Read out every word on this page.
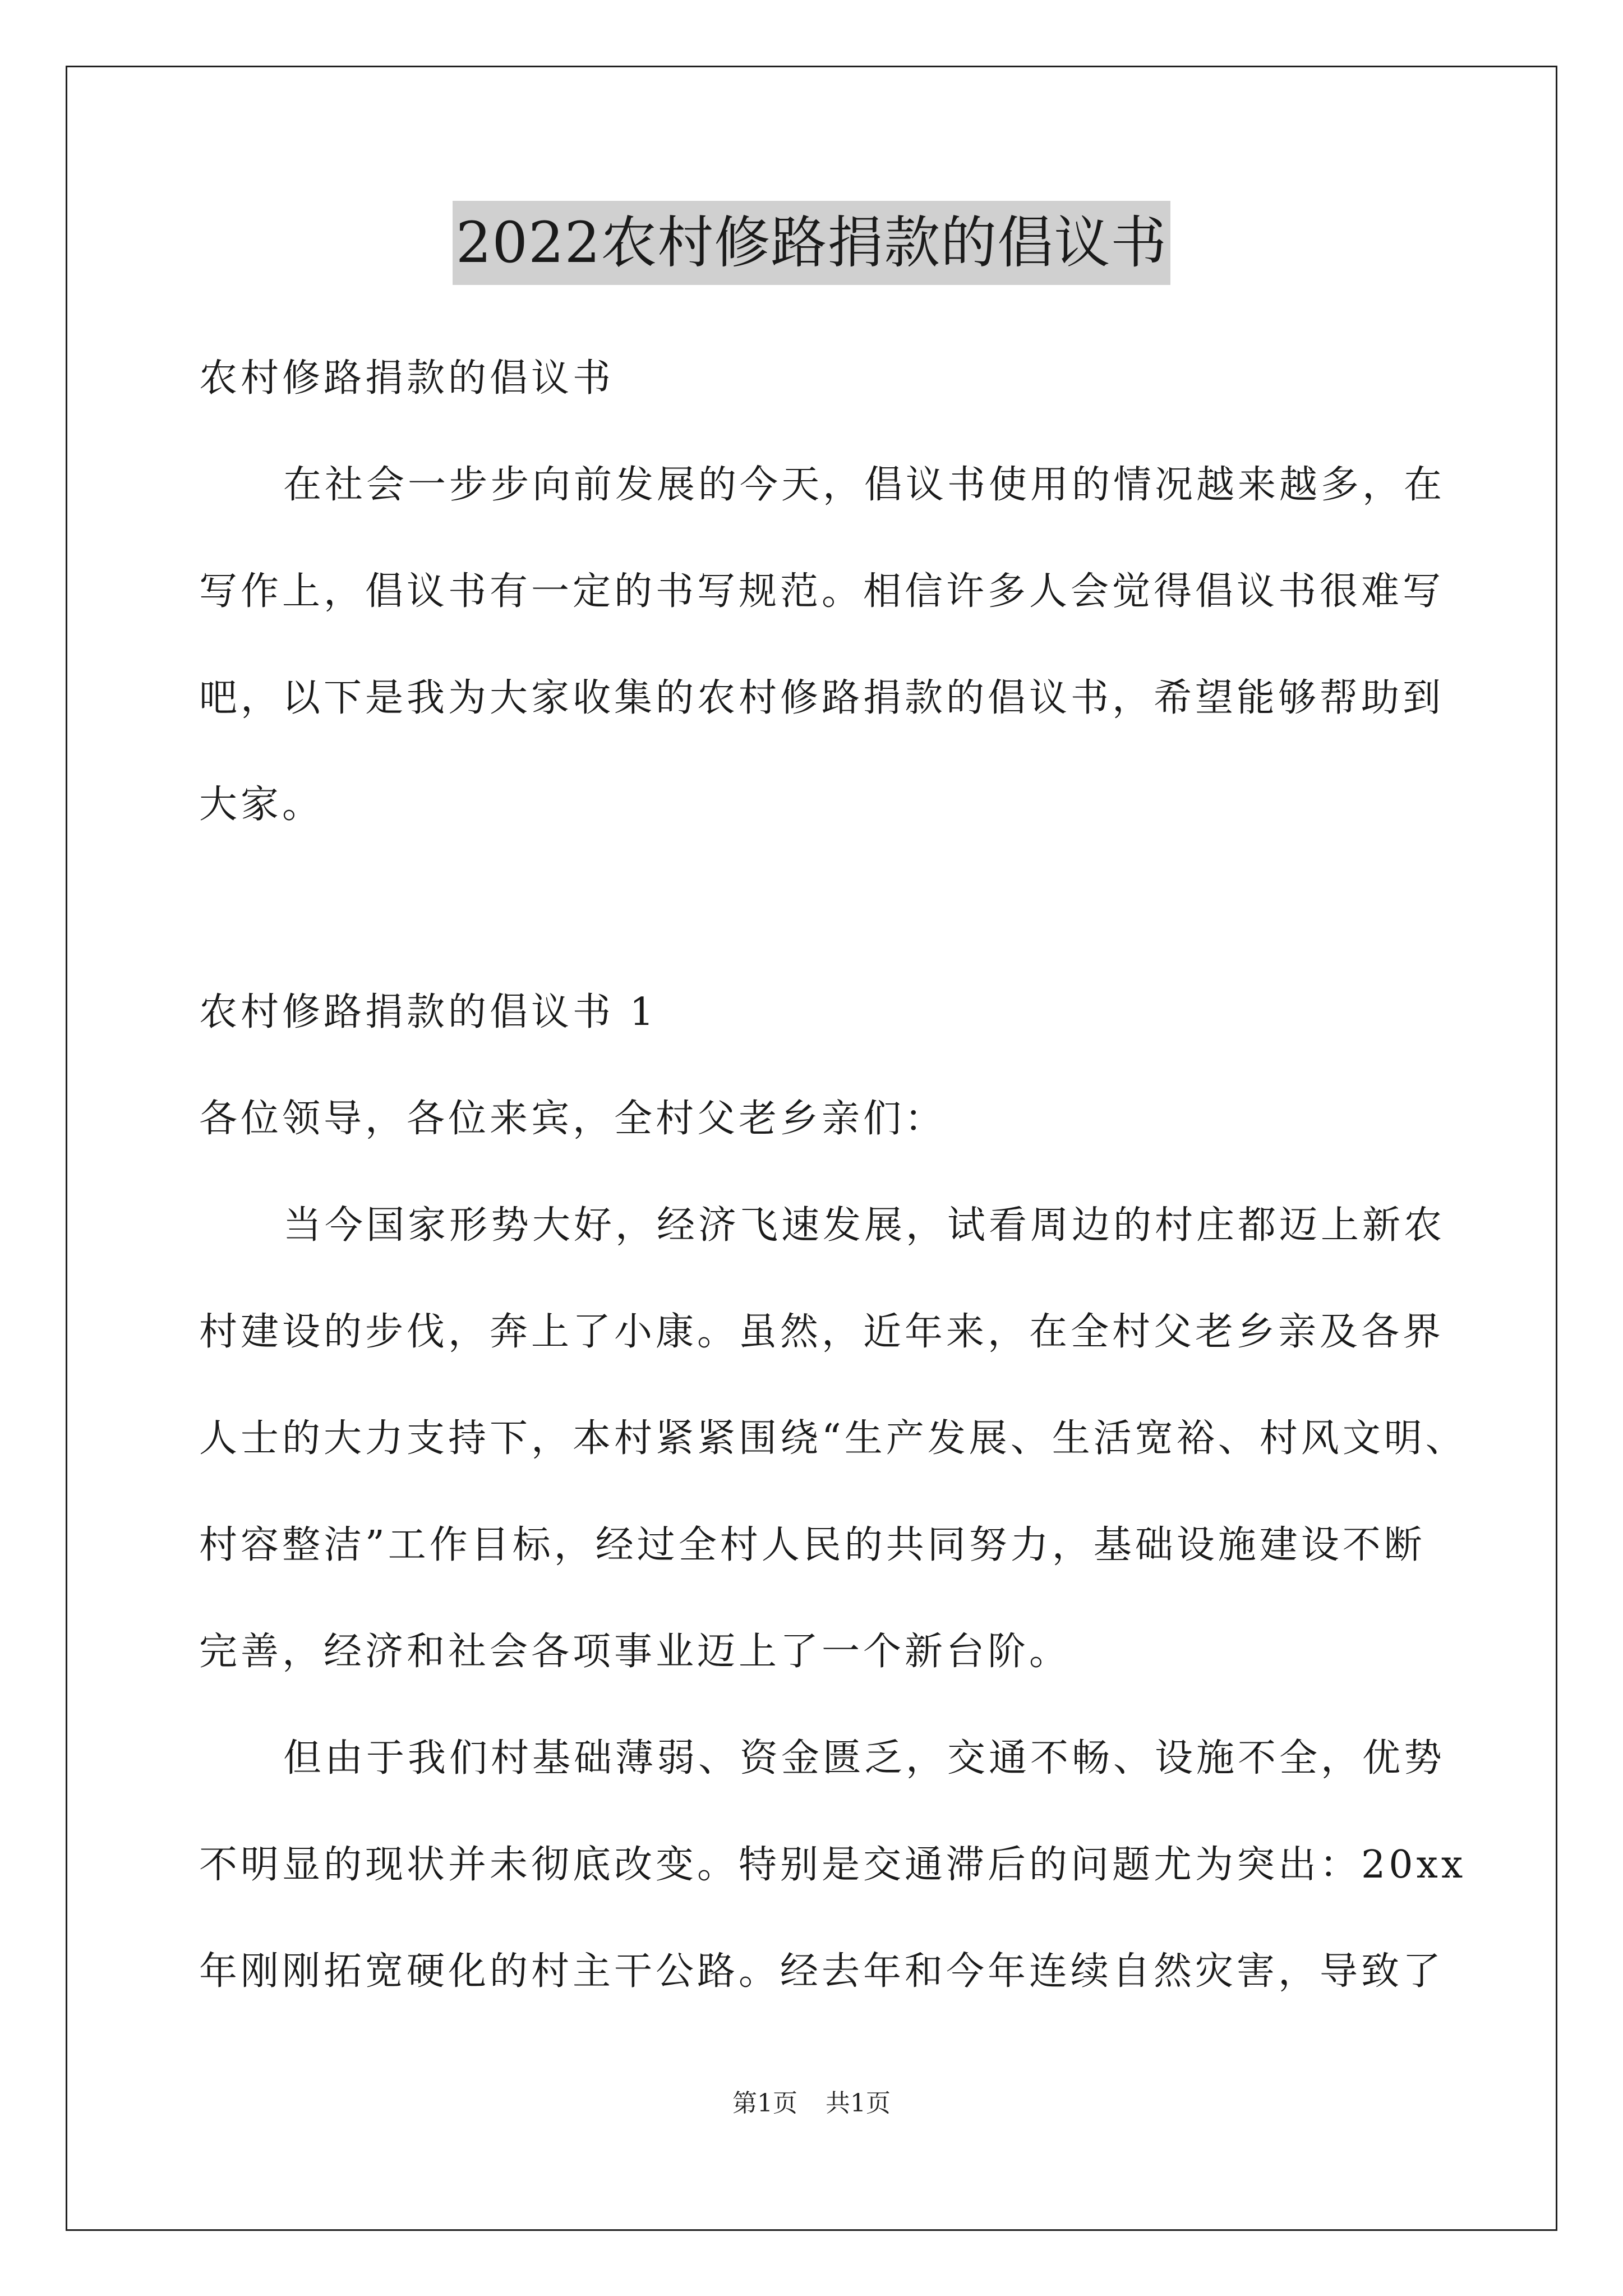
2022农村修路捐款的倡议书
农村修路捐款的倡议书
在社会一步步向前发展的今天，倡议书使用的情况越来越多，在
写作上，倡议书有一定的书写规范。相信许多人会觉得倡议书很难写
吧，以下是我为大家收集的农村修路捐款的倡议书，希望能够帮助到
大家。
农村修路捐款的倡议书 1
各位领导，各位来宾，全村父老乡亲们：
当今国家形势大好，经济飞速发展，试看周边的村庄都迈上新农
村建设的步伐，奔上了小康。虽然，近年来，在全村父老乡亲及各界
人士的大力支持下，本村紧紧围绕“生产发展、生活宽裕、村风文明、
村容整洁”工作目标，经过全村人民的共同努力，基础设施建设不断
完善，经济和社会各项事业迈上了一个新台阶。
但由于我们村基础薄弱、资金匮乏，交通不畅、设施不全，优势
不明显的现状并未彻底改变。特别是交通滞后的问题尤为突出：20xx
年刚刚拓宽硬化的村主干公路。经去年和今年连续自然灾害，导致了
第1页 共1页
